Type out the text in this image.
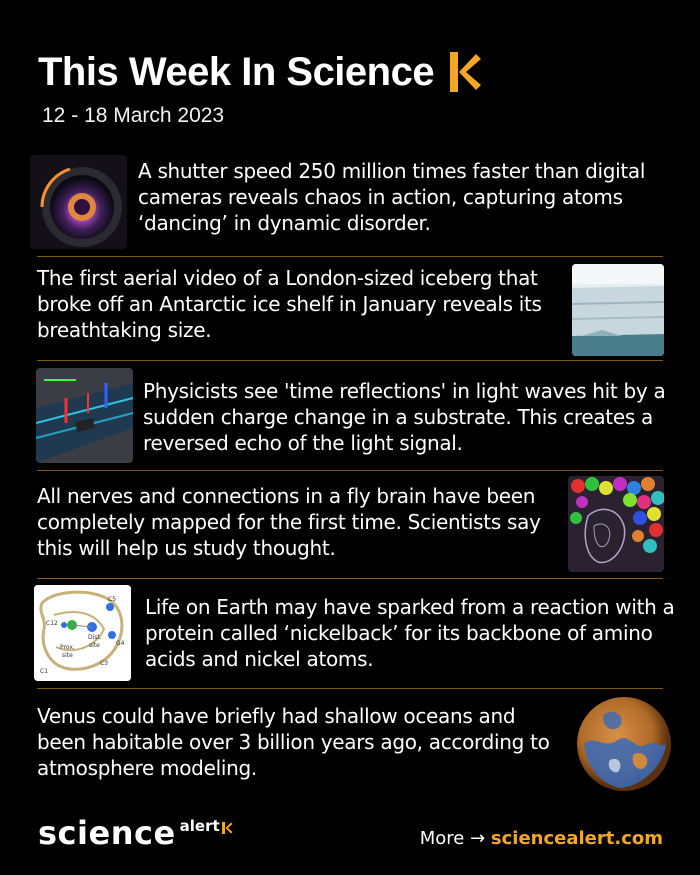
This Week In Science
12 - 18 March 2023
A shutter speed 250 million times faster than digital cameras reveals chaos in action, capturing atoms ‘dancing’ in dynamic disorder.
The first aerial video of a London-sized iceberg that broke off an Antarctic ice shelf in January reveals its breathtaking size.
Physicists see 'time reflections' in light waves hit by a sudden charge change in a substrate. This creates a reversed echo of the light signal.
All nerves and connections in a fly brain have been completely mapped for the first time. Scientists say this will help us study thought.
C5
C12
G4
C3
C1
Prox.
site
Dist.
site
Life on Earth may have sparked from a reaction with a protein called ‘nickelback’ for its backbone of amino acids and nickel atoms.
Venus could have briefly had shallow oceans and been habitable over 3 billion years ago, according to atmosphere modeling.
science alert
More → sciencealert.com
